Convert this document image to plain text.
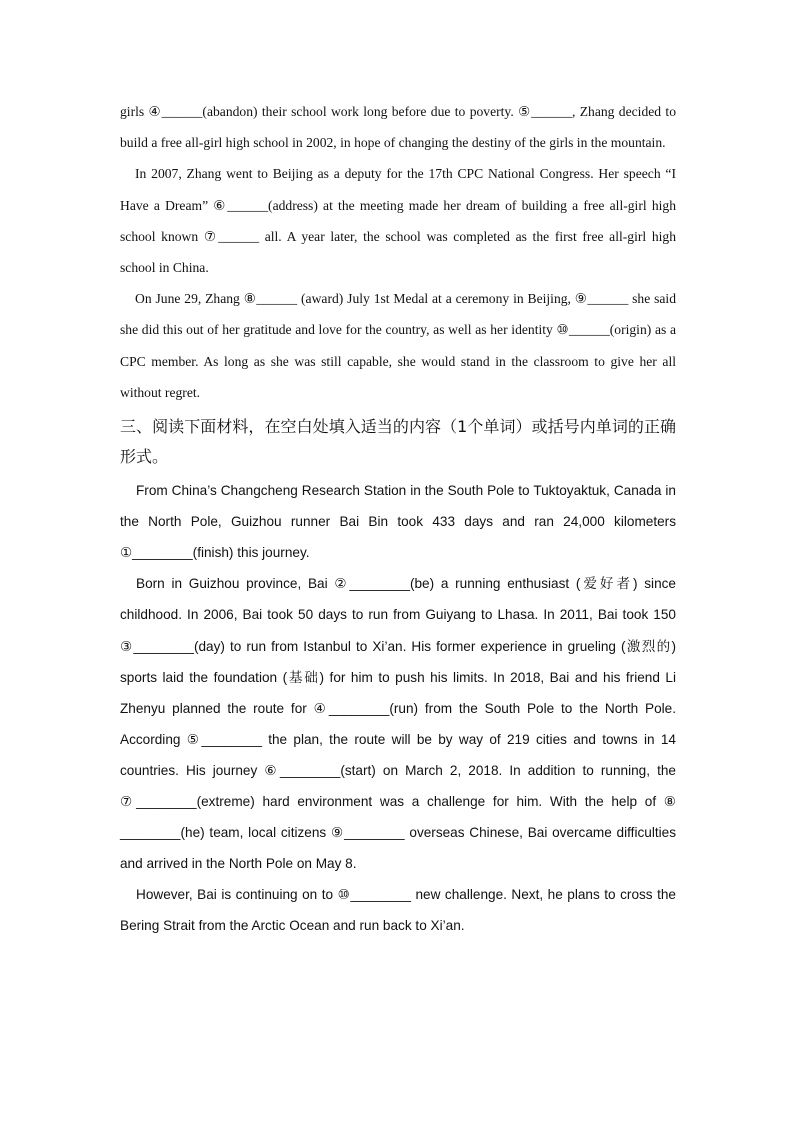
girls ④______(abandon) their school work long before due to poverty. ⑤______, Zhang decided to build a free all-girl high school in 2002, in hope of changing the destiny of the girls in the mountain.

In 2007, Zhang went to Beijing as a deputy for the 17th CPC National Congress. Her speech “I Have a Dream” ⑥______(address) at the meeting made her dream of building a free all-girl high school known ⑦______ all. A year later, the school was completed as the first free all-girl high school in China.

On June 29, Zhang ⑧______ (award) July 1st Medal at a ceremony in Beijing, ⑨______ she said she did this out of her gratitude and love for the country, as well as her identity ⑩______(origin) as a CPC member. As long as she was still capable, she would stand in the classroom to give her all without regret.

三、阅读下面材料，在空白处填入适当的内容（1个单词）或括号内单词的正确形式。

From China’s Changcheng Research Station in the South Pole to Tuktoyaktuk, Canada in the North Pole, Guizhou runner Bai Bin took 433 days and ran 24,000 kilometers ①________(finish) this journey.

Born in Guizhou province, Bai ②________(be) a running enthusiast (爱好者) since childhood. In 2006, Bai took 50 days to run from Guiyang to Lhasa. In 2011, Bai took 150 ③________(day) to run from Istanbul to Xi’an. His former experience in grueling (激烈的) sports laid the foundation (基础) for him to push his limits. In 2018, Bai and his friend Li Zhenyu planned the route for ④________(run) from the South Pole to the North Pole. According ⑤________ the plan, the route will be by way of 219 cities and towns in 14 countries. His journey ⑥________(start) on March 2, 2018. In addition to running, the ⑦________(extreme) hard environment was a challenge for him. With the help of ⑧ ________(he) team, local citizens ⑨________ overseas Chinese, Bai overcame difficulties and arrived in the North Pole on May 8.

However, Bai is continuing on to ⑩________ new challenge. Next, he plans to cross the Bering Strait from the Arctic Ocean and run back to Xi’an.
